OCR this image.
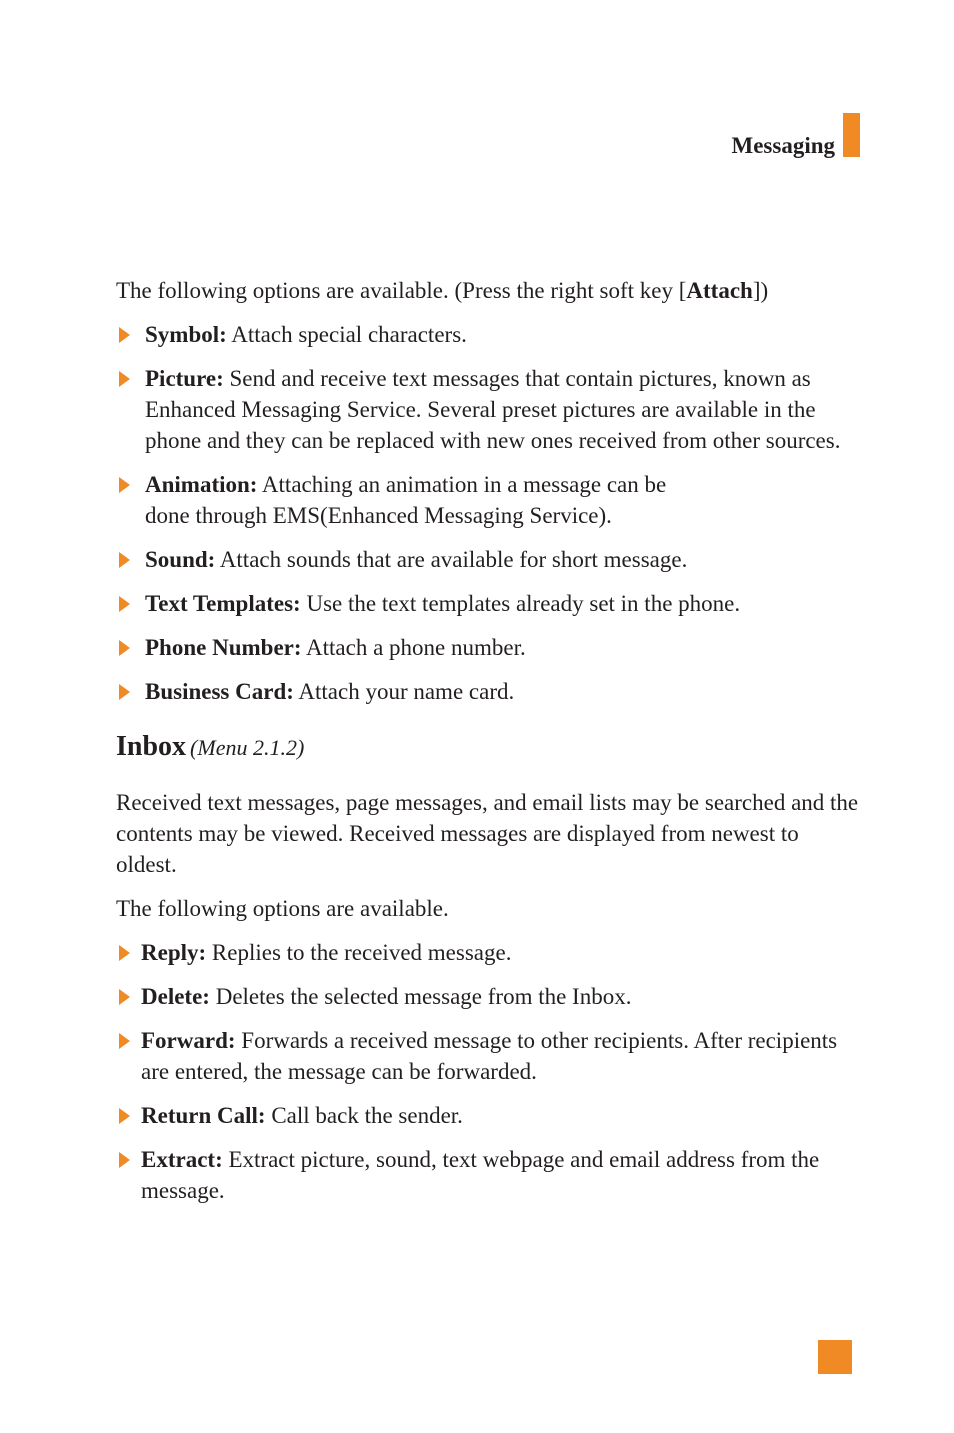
Messaging

The following options are available. (Press the right soft key [Attach])

Symbol: Attach special characters.
Picture: Send and receive text messages that contain pictures, known as Enhanced Messaging Service. Several preset pictures are available in the phone and they can be replaced with new ones received from other sources.
Animation: Attaching an animation in a message can be
done through EMS(Enhanced Messaging Service).
Sound: Attach sounds that are available for short message.
Text Templates: Use the text templates already set in the phone.
Phone Number: Attach a phone number.
Business Card: Attach your name card.
Inbox (Menu 2.1.2)

Received text messages, page messages, and email lists may be searched and the contents may be viewed. Received messages are displayed from newest to oldest.

The following options are available.

Reply: Replies to the received message.
Delete: Deletes the selected message from the Inbox.
Forward: Forwards a received message to other recipients. After recipients are entered, the message can be forwarded.
Return Call: Call back the sender.
Extract: Extract picture, sound, text webpage and email address from the message.
